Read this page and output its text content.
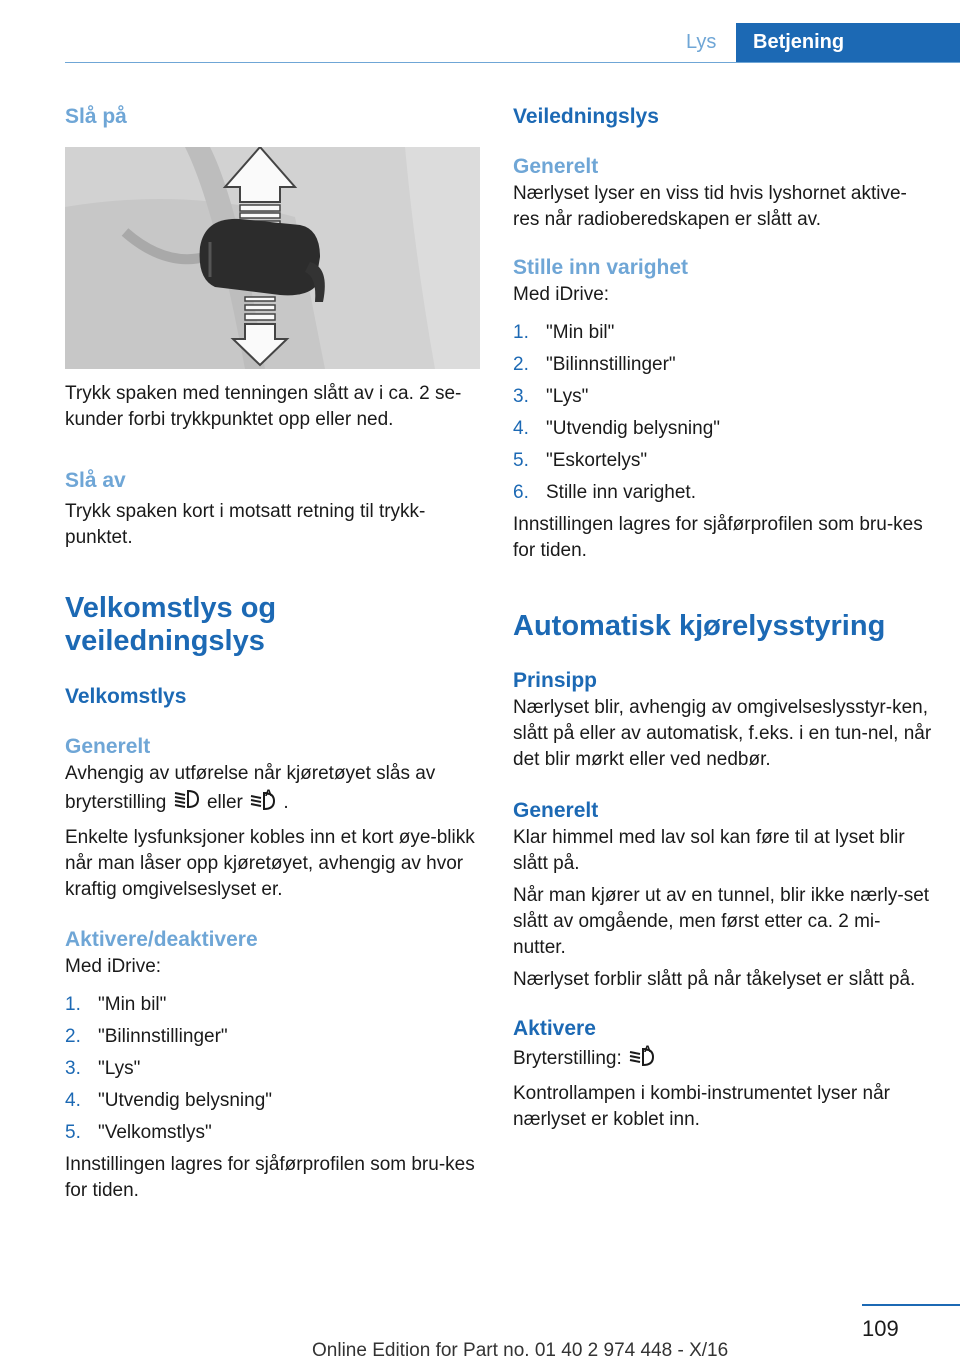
Lys	Betjening
Slå på

Trykk spaken med tenningen slått av i ca. 2 se-kunder forbi trykkpunktet opp eller ned.

Slå av

Trykk spaken kort i motsatt retning til trykk-punktet.

Velkomstlys og
veiledningslys
Velkomstlys
Generelt

Avhengig av utførelse når kjøretøyet slås av bryterstilling eller A .

Enkelte lysfunksjoner kobles inn et kort øye-blikk når man låser opp kjøretøyet, avhengig av hvor kraftig omgivelseslyset er.

Aktivere/deaktivere

Med iDrive:

1. "Min bil"
2. "Bilinnstillinger"
3. "Lys"
4. "Utvendig belysning"
5. "Velkomstlys"

Innstillingen lagres for sjåførprofilen som bru-kes for tiden.

Veiledningslys
Generelt

Nærlyset lyser en viss tid hvis lyshornet aktive-res når radioberedskapen er slått av.

Stille inn varighet

Med iDrive:

1. "Min bil"
2. "Bilinnstillinger"
3. "Lys"
4. "Utvendig belysning"
5. "Eskortelys"
6. Stille inn varighet.

Innstillingen lagres for sjåførprofilen som bru-kes for tiden.

Automatisk kjørelysstyring
Prinsipp

Nærlyset blir, avhengig av omgivelseslysstyr-ken, slått på eller av automatisk, f.eks. i en tun-nel, når det blir mørkt eller ved nedbør.

Generelt

Klar himmel med lav sol kan føre til at lyset blir slått på.

Når man kjører ut av en tunnel, blir ikke nærly-set slått av omgående, men først etter ca. 2 mi-nutter.

Nærlyset forblir slått på når tåkelyset er slått på.

Aktivere

Bryterstilling: A

Kontrollampen i kombi-instrumentet lyser når nærlyset er koblet inn.

109
Online Edition for Part no. 01 40 2 974 448 - X/16
